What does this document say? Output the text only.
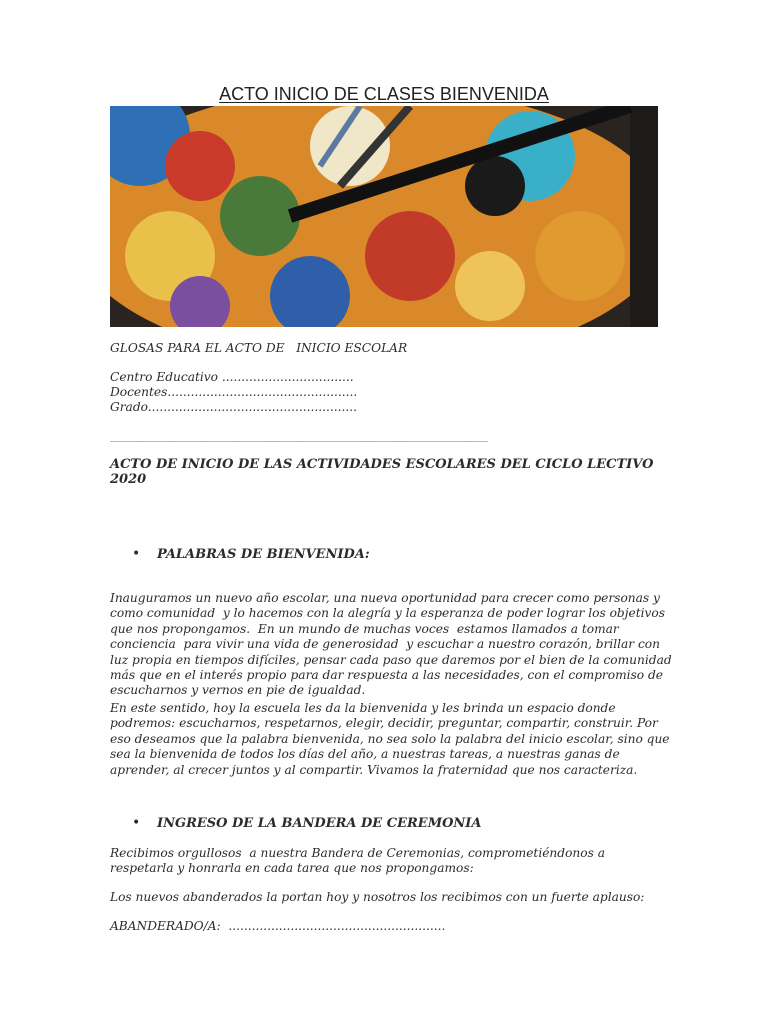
ACTO INICIO DE CLASES BIENVENIDA
GLOSAS PARA EL ACTO DE   INICIO ESCOLAR
Centro Educativo ..................................
Docentes.................................................
Grado......................................................
______________________________________________________________
ACTO DE INICIO DE LAS ACTIVIDADES ESCOLARES DEL CICLO LECTIVO
2020
• PALABRAS DE BIENVENIDA:
Inauguramos un nuevo año escolar, una nueva oportunidad para crecer como personas y
como comunidad  y lo hacemos con la alegría y la esperanza de poder lograr los objetivos
que nos propongamos.  En un mundo de muchas voces  estamos llamados a tomar
conciencia  para vivir una vida de generosidad  y escuchar a nuestro corazón, brillar con
luz propia en tiempos difíciles, pensar cada paso que daremos por el bien de la comunidad
más que en el interés propio para dar respuesta a las necesidades, con el compromiso de
escucharnos y vernos en pie de igualdad.
En este sentido, hoy la escuela les da la bienvenida y les brinda un espacio donde
podremos: escucharnos, respetarnos, elegir, decidir, preguntar, compartir, construir. Por
eso deseamos que la palabra bienvenida, no sea solo la palabra del inicio escolar, sino que
sea la bienvenida de todos los días del año, a nuestras tareas, a nuestras ganas de
aprender, al crecer juntos y al compartir. Vivamos la fraternidad que nos caracteriza.
• INGRESO DE LA BANDERA DE CEREMONIA
Recibimos orgullosos  a nuestra Bandera de Ceremonias, comprometiéndonos a
respetarla y honrarla en cada tarea que nos propongamos:
Los nuevos abanderados la portan hoy y nosotros los recibimos con un fuerte aplauso:
ABANDERADO/A:  ........................................................
